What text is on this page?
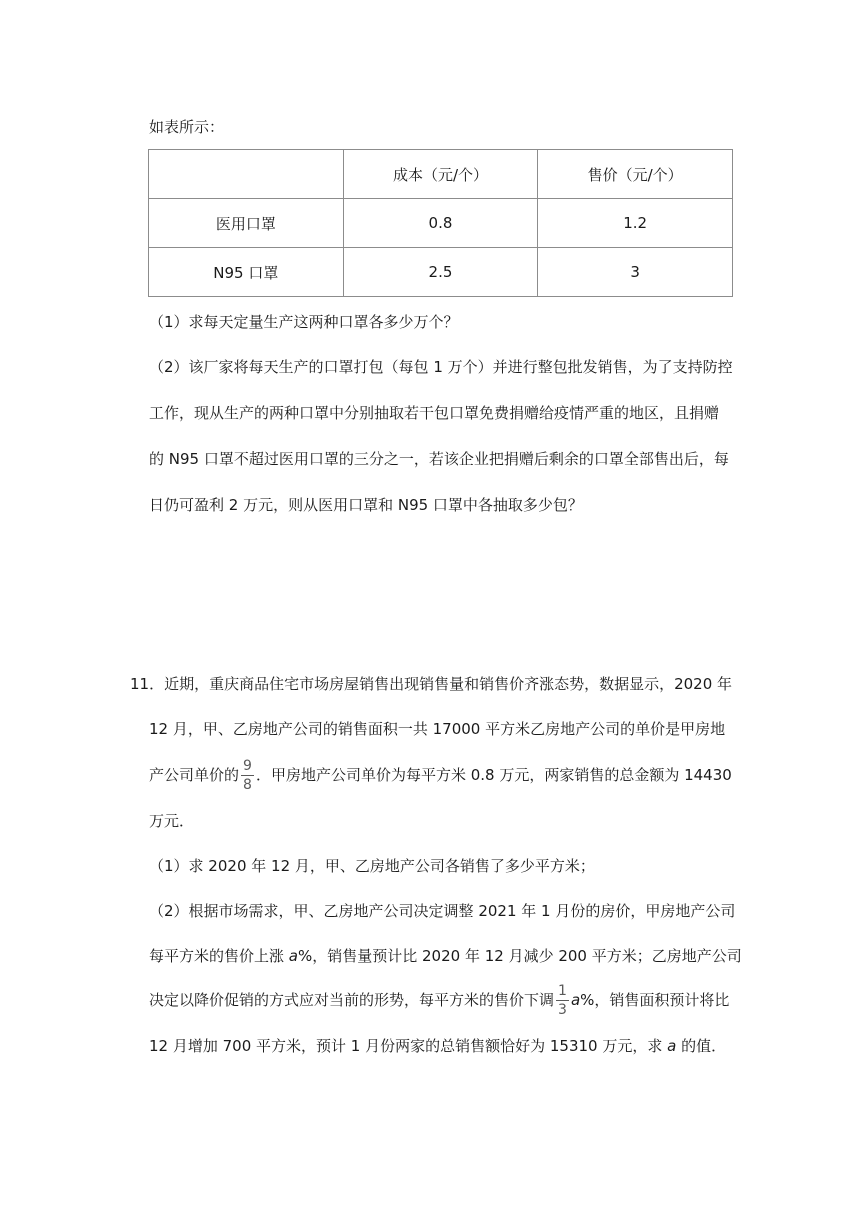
如表所示：
	成本（元/个）	售价（元/个）
医用口罩	0.8	1.2
N95 口罩	2.5	3
（1）求每天定量生产这两种口罩各多少万个？
（2）该厂家将每天生产的口罩打包（每包 1 万个）并进行整包批发销售，为了支持防控
工作，现从生产的两种口罩中分别抽取若干包口罩免费捐赠给疫情严重的地区，且捐赠
的 N95 口罩不超过医用口罩的三分之一，若该企业把捐赠后剩余的口罩全部售出后，每
日仍可盈利 2 万元，则从医用口罩和 N95 口罩中各抽取多少包？
11．近期，重庆商品住宅市场房屋销售出现销售量和销售价齐涨态势，数据显示，2020 年
12 月，甲、乙房地产公司的销售面积一共 17000 平方米乙房地产公司的单价是甲房地
产公司单价的 $\frac{9}{8}$ ．甲房地产公司单价为每平方米 0.8 万元，两家销售的总金额为 14430
万元．
（1）求 2020 年 12 月，甲、乙房地产公司各销售了多少平方米；
（2）根据市场需求，甲、乙房地产公司决定调整 2021 年 1 月份的房价，甲房地产公司
每平方米的售价上涨 a%，销售量预计比 2020 年 12 月减少 200 平方米；乙房地产公司
决定以降价促销的方式应对当前的形势，每平方米的售价下调 $\frac{1}{3} a\%$，销售面积预计将比
12 月增加 700 平方米，预计 1 月份两家的总销售额恰好为 15310 万元，求 a 的值．
